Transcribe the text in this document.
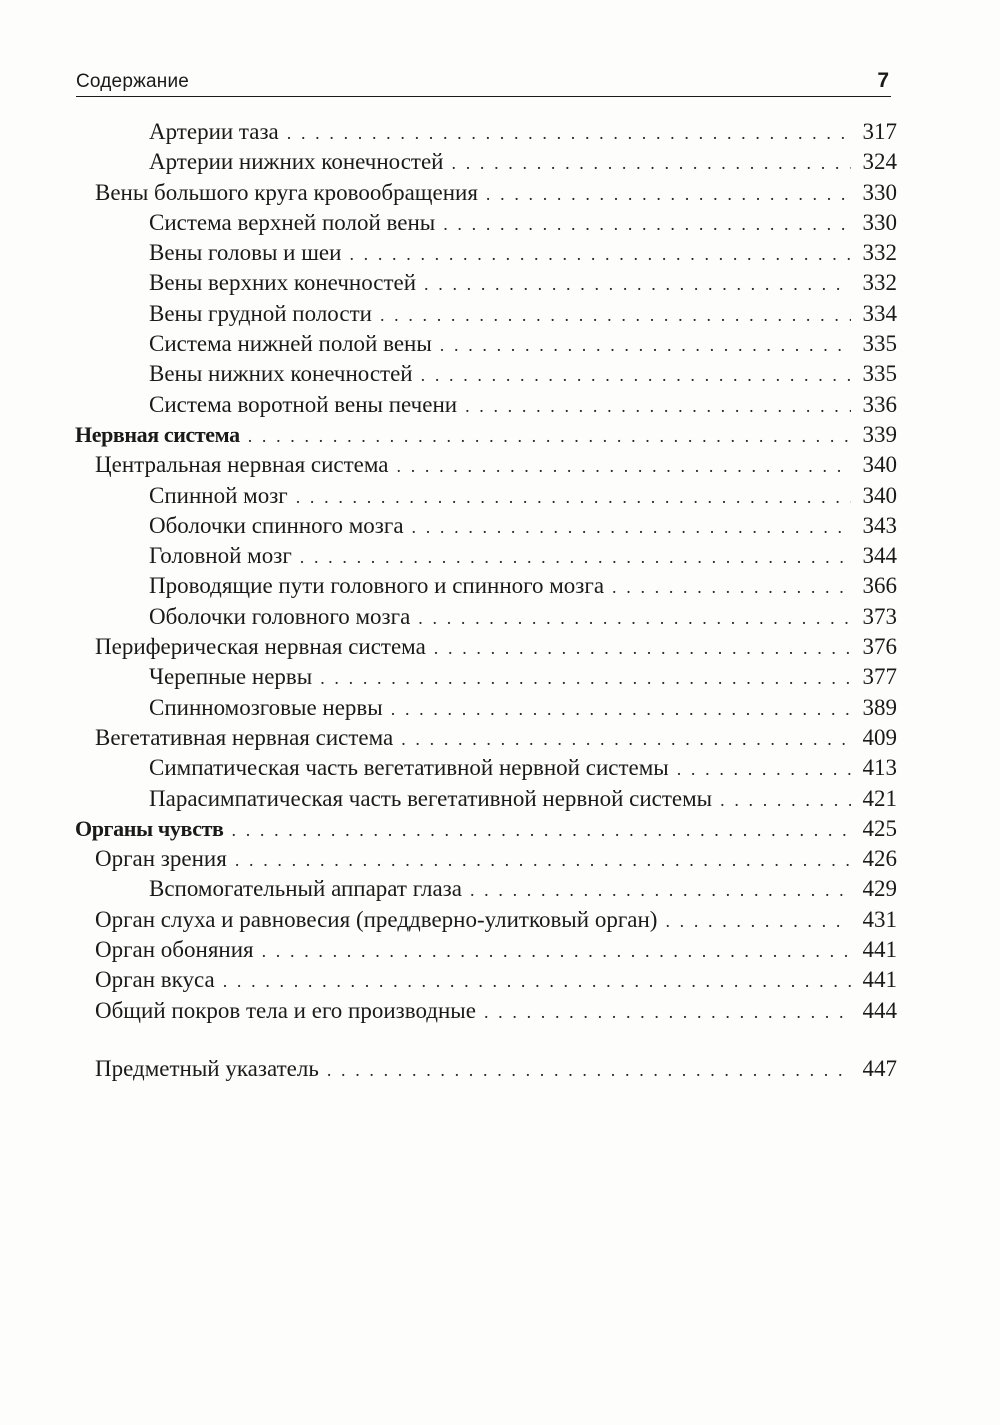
Содержание	7
Артерии таза . . .	317
Артерии нижних конечностей . . .	324
Вены большого круга кровообращения . . .	330
Система верхней полой вены . . .	330
Вены головы и шеи . . .	332
Вены верхних конечностей . . .	332
Вены грудной полости . . .	334
Система нижней полой вены . . .	335
Вены нижних конечностей . . .	335
Система воротной вены печени . . .	336
Нервная система . . .	339
Центральная нервная система . . .	340
Спинной мозг . . .	340
Оболочки спинного мозга . . .	343
Головной мозг . . .	344
Проводящие пути головного и спинного мозга . . .	366
Оболочки головного мозга . . .	373
Периферическая нервная система . . .	376
Черепные нервы . . .	377
Спинномозговые нервы . . .	389
Вегетативная нервная система . . .	409
Симпатическая часть вегетативной нервной системы . . .	413
Парасимпатическая часть вегетативной нервной системы . . .	421
Органы чувств . . .	425
Орган зрения . . .	426
Вспомогательный аппарат глаза . . .	429
Орган слуха и равновесия (преддверно-улитковый орган) . . .	431
Орган обоняния . . .	441
Орган вкуса . . .	441
Общий покров тела и его производные . . .	444
Предметный указатель . . .	447
